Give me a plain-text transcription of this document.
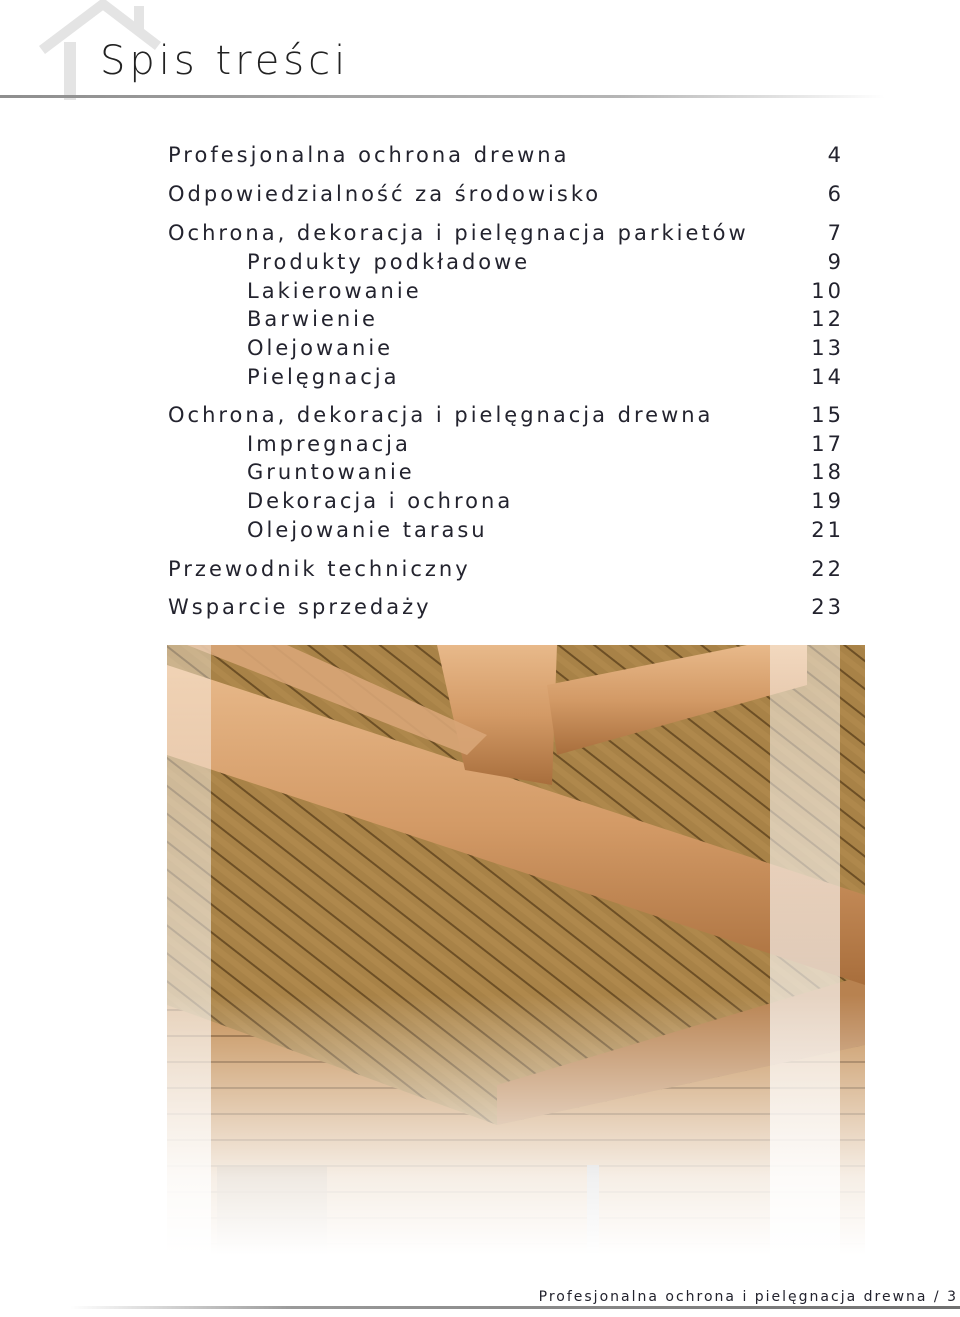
Spis treści
Profesjonalna ochrona drewna	4
Odpowiedzialność za środowisko	6
Ochrona, dekoracja i pielęgnacja parkietów	7
Produkty podkładowe	9
Lakierowanie	10
Barwienie	12
Olejowanie	13
Pielęgnacja	14
Ochrona, dekoracja i pielęgnacja drewna	15
Impregnacja	17
Gruntowanie	18
Dekoracja i ochrona	19
Olejowanie tarasu	21
Przewodnik techniczny	22
Wsparcie sprzedaży	23
Profesjonalna ochrona i pielęgnacja drewna / 3
